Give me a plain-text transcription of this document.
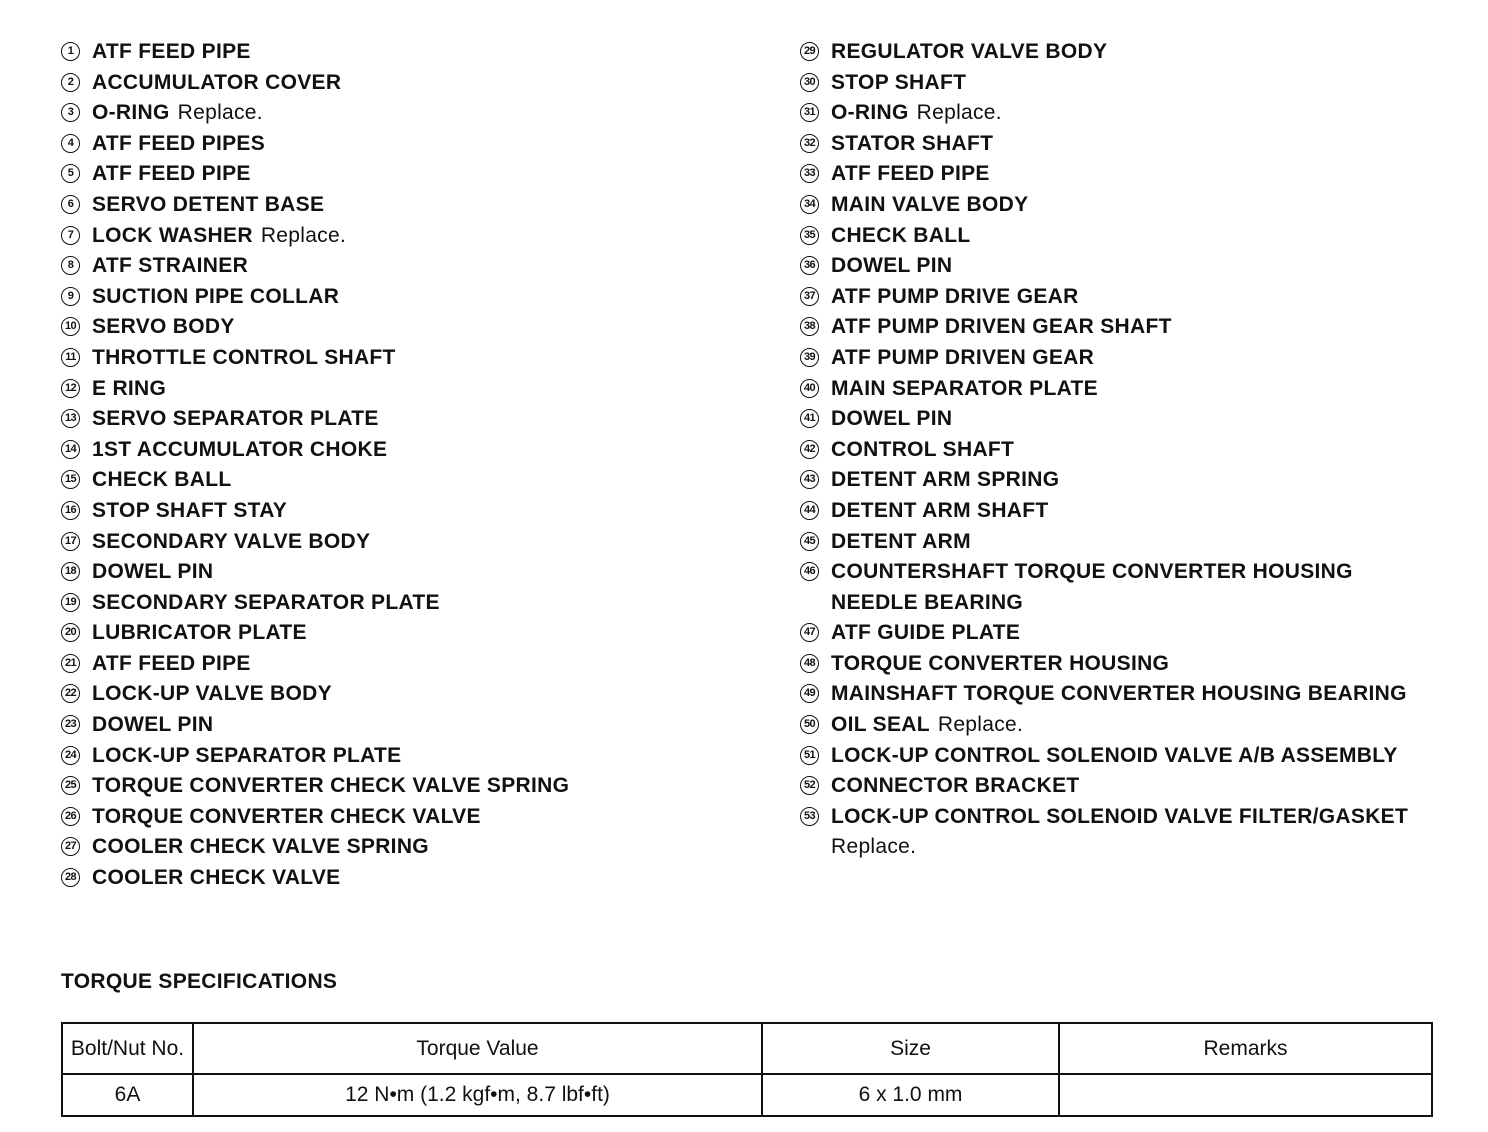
1 ATF FEED PIPE
2 ACCUMULATOR COVER
3 O-RING Replace.
4 ATF FEED PIPES
5 ATF FEED PIPE
6 SERVO DETENT BASE
7 LOCK WASHER Replace.
8 ATF STRAINER
9 SUCTION PIPE COLLAR
10 SERVO BODY
11 THROTTLE CONTROL SHAFT
12 E RING
13 SERVO SEPARATOR PLATE
14 1ST ACCUMULATOR CHOKE
15 CHECK BALL
16 STOP SHAFT STAY
17 SECONDARY VALVE BODY
18 DOWEL PIN
19 SECONDARY SEPARATOR PLATE
20 LUBRICATOR PLATE
21 ATF FEED PIPE
22 LOCK-UP VALVE BODY
23 DOWEL PIN
24 LOCK-UP SEPARATOR PLATE
25 TORQUE CONVERTER CHECK VALVE SPRING
26 TORQUE CONVERTER CHECK VALVE
27 COOLER CHECK VALVE SPRING
28 COOLER CHECK VALVE
29 REGULATOR VALVE BODY
30 STOP SHAFT
31 O-RING Replace.
32 STATOR SHAFT
33 ATF FEED PIPE
34 MAIN VALVE BODY
35 CHECK BALL
36 DOWEL PIN
37 ATF PUMP DRIVE GEAR
38 ATF PUMP DRIVEN GEAR SHAFT
39 ATF PUMP DRIVEN GEAR
40 MAIN SEPARATOR PLATE
41 DOWEL PIN
42 CONTROL SHAFT
43 DETENT ARM SPRING
44 DETENT ARM SHAFT
45 DETENT ARM
46 COUNTERSHAFT TORQUE CONVERTER HOUSING
NEEDLE BEARING
47 ATF GUIDE PLATE
48 TORQUE CONVERTER HOUSING
49 MAINSHAFT TORQUE CONVERTER HOUSING BEARING
50 OIL SEAL Replace.
51 LOCK-UP CONTROL SOLENOID VALVE A/B ASSEMBLY
52 CONNECTOR BRACKET
53 LOCK-UP CONTROL SOLENOID VALVE FILTER/GASKET
Replace.
TORQUE SPECIFICATIONS
Bolt/Nut No.	Torque Value	Size	Remarks
6A	12 N•m (1.2 kgf•m, 8.7 lbf•ft)	6 x 1.0 mm	
